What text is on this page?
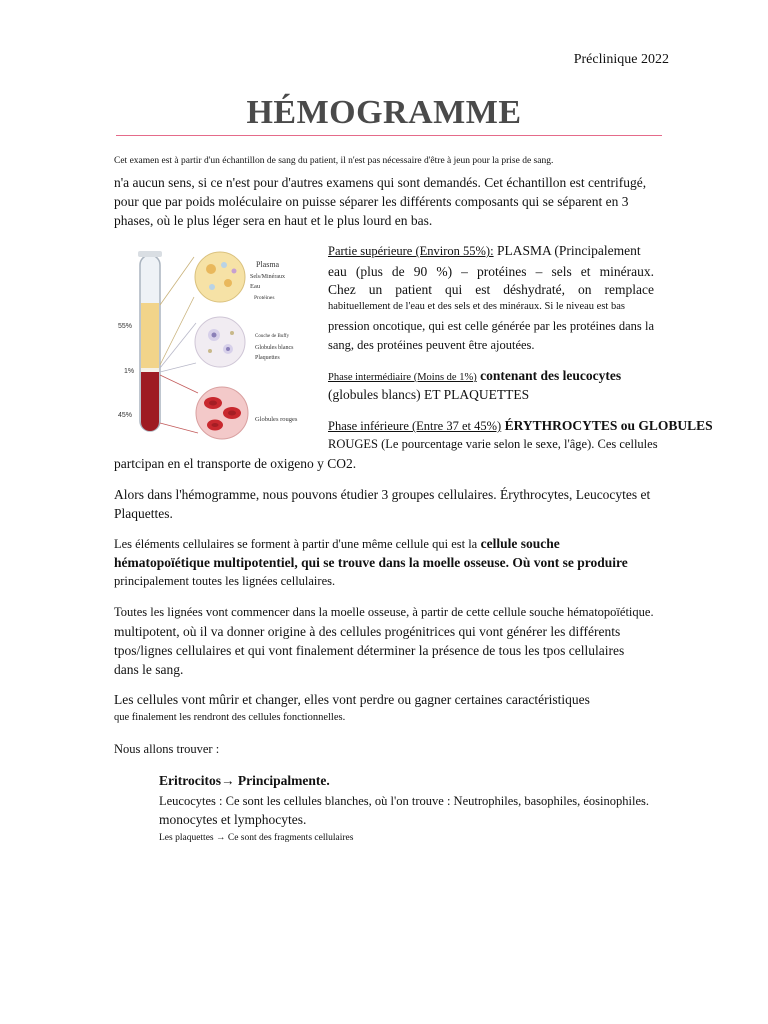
Préclinique 2022
HÉMOGRAMME
Cet examen est à partir d'un échantillon de sang du patient, il n'est pas nécessaire d'être à jeun pour la prise de sang.
n'a aucun sens, si ce n'est pour d'autres examens qui sont demandés. Cet échantillon est centrifugé,
pour que par poids moléculaire on puisse séparer les différents composants qui se séparent en 3
phases, où le plus léger sera en haut et le plus lourd en bas.
55%
1%
45%
Plasma
Sels/Minéraux
Eau
Protéines
Couche de Buffy
Globules blancs
Plaquettes
Globules rouges
Partie supérieure (Environ 55%): PLASMA (Principalement
eau (plus de 90 %) – protéines – sels et minéraux.
Chez un patient qui est déshydraté, on remplace
habituellement de l'eau et des sels et des minéraux. Si le niveau est bas
pression oncotique, qui est celle générée par les protéines dans la
sang, des protéines peuvent être ajoutées.
Phase intermédiaire (Moins de 1%) contenant des leucocytes
(globules blancs) ET PLAQUETTES
Phase inférieure (Entre 37 et 45%) ÉRYTHROCYTES ou GLOBULES
ROUGES (Le pourcentage varie selon le sexe, l'âge). Ces cellules
partcipan en el transporte de oxigeno y CO2.
Alors dans l'hémogramme, nous pouvons étudier 3 groupes cellulaires. Érythrocytes, Leucocytes et
Plaquettes.
Les éléments cellulaires se forment à partir d'une même cellule qui est la cellule souche
hématopoïétique multipotentiel, qui se trouve dans la moelle osseuse. Où vont se produire
principalement toutes les lignées cellulaires.
Toutes les lignées vont commencer dans la moelle osseuse, à partir de cette cellule souche hématopoïétique.
multipotent, où il va donner origine à des cellules progénitrices qui vont générer les différents
tpos/lignes cellulaires et qui vont finalement déterminer la présence de tous les tpos cellulaires
dans le sang.
Les cellules vont mûrir et changer, elles vont perdre ou gagner certaines caractéristiques
que finalement les rendront des cellules fonctionnelles.
Nous allons trouver :
Eritrocitos→ Principalmente.
Leucocytes : Ce sont les cellules blanches, où l'on trouve : Neutrophiles, basophiles, éosinophiles.
monocytes et lymphocytes.
Les plaquettes → Ce sont des fragments cellulaires
